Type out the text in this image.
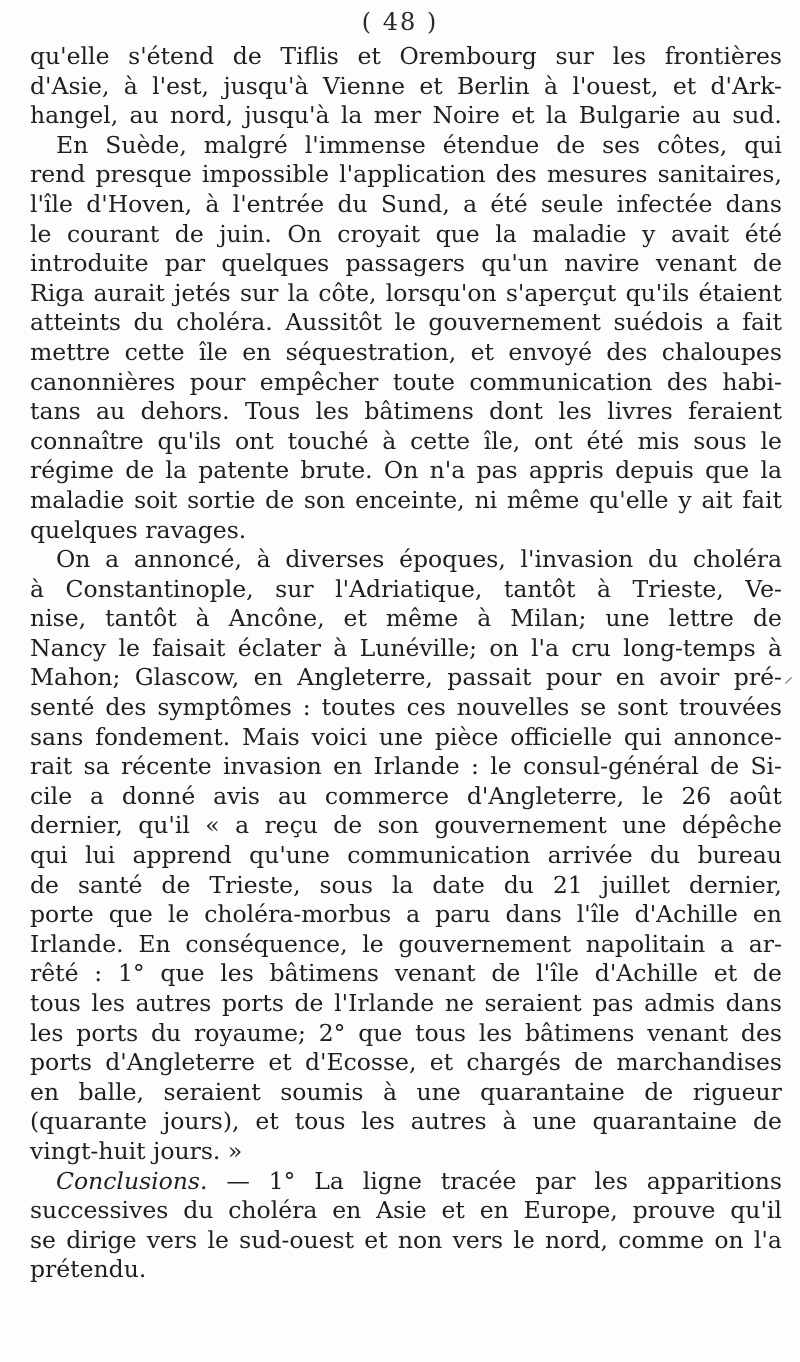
( 48 )
qu'elle s'étend de Tiflis et Orembourg sur les frontières
d'Asie, à l'est, jusqu'à Vienne et Berlin à l'ouest, et d'Ark-
hangel, au nord, jusqu'à la mer Noire et la Bulgarie au sud.
En Suède, malgré l'immense étendue de ses côtes, qui
rend presque impossible l'application des mesures sanitaires,
l'île d'Hoven, à l'entrée du Sund, a été seule infectée dans
le courant de juin. On croyait que la maladie y avait été
introduite par quelques passagers qu'un navire venant de
Riga aurait jetés sur la côte, lorsqu'on s'aperçut qu'ils étaient
atteints du choléra. Aussitôt le gouvernement suédois a fait
mettre cette île en séquestration, et envoyé des chaloupes
canonnières pour empêcher toute communication des habi-
tans au dehors. Tous les bâtimens dont les livres feraient
connaître qu'ils ont touché à cette île, ont été mis sous le
régime de la patente brute. On n'a pas appris depuis que la
maladie soit sortie de son enceinte, ni même qu'elle y ait fait
quelques ravages.
On a annoncé, à diverses époques, l'invasion du choléra
à Constantinople, sur l'Adriatique, tantôt à Trieste, Ve-
nise, tantôt à Ancône, et même à Milan; une lettre de
Nancy le faisait éclater à Lunéville; on l'a cru long-temps à
Mahon; Glascow, en Angleterre, passait pour en avoir pré-
senté des symptômes : toutes ces nouvelles se sont trouvées
sans fondement. Mais voici une pièce officielle qui annonce-
rait sa récente invasion en Irlande : le consul-général de Si-
cile a donné avis au commerce d'Angleterre, le 26 août
dernier, qu'il « a reçu de son gouvernement une dépêche
qui lui apprend qu'une communication arrivée du bureau
de santé de Trieste, sous la date du 21 juillet dernier,
porte que le choléra-morbus a paru dans l'île d'Achille en
Irlande. En conséquence, le gouvernement napolitain a ar-
rêté : 1° que les bâtimens venant de l'île d'Achille et de
tous les autres ports de l'Irlande ne seraient pas admis dans
les ports du royaume; 2° que tous les bâtimens venant des
ports d'Angleterre et d'Ecosse, et chargés de marchandises
en balle, seraient soumis à une quarantaine de rigueur
(quarante jours), et tous les autres à une quarantaine de
vingt-huit jours. »
Conclusions. — 1° La ligne tracée par les apparitions
successives du choléra en Asie et en Europe, prouve qu'il
se dirige vers le sud-ouest et non vers le nord, comme on l'a
prétendu.
⸍
